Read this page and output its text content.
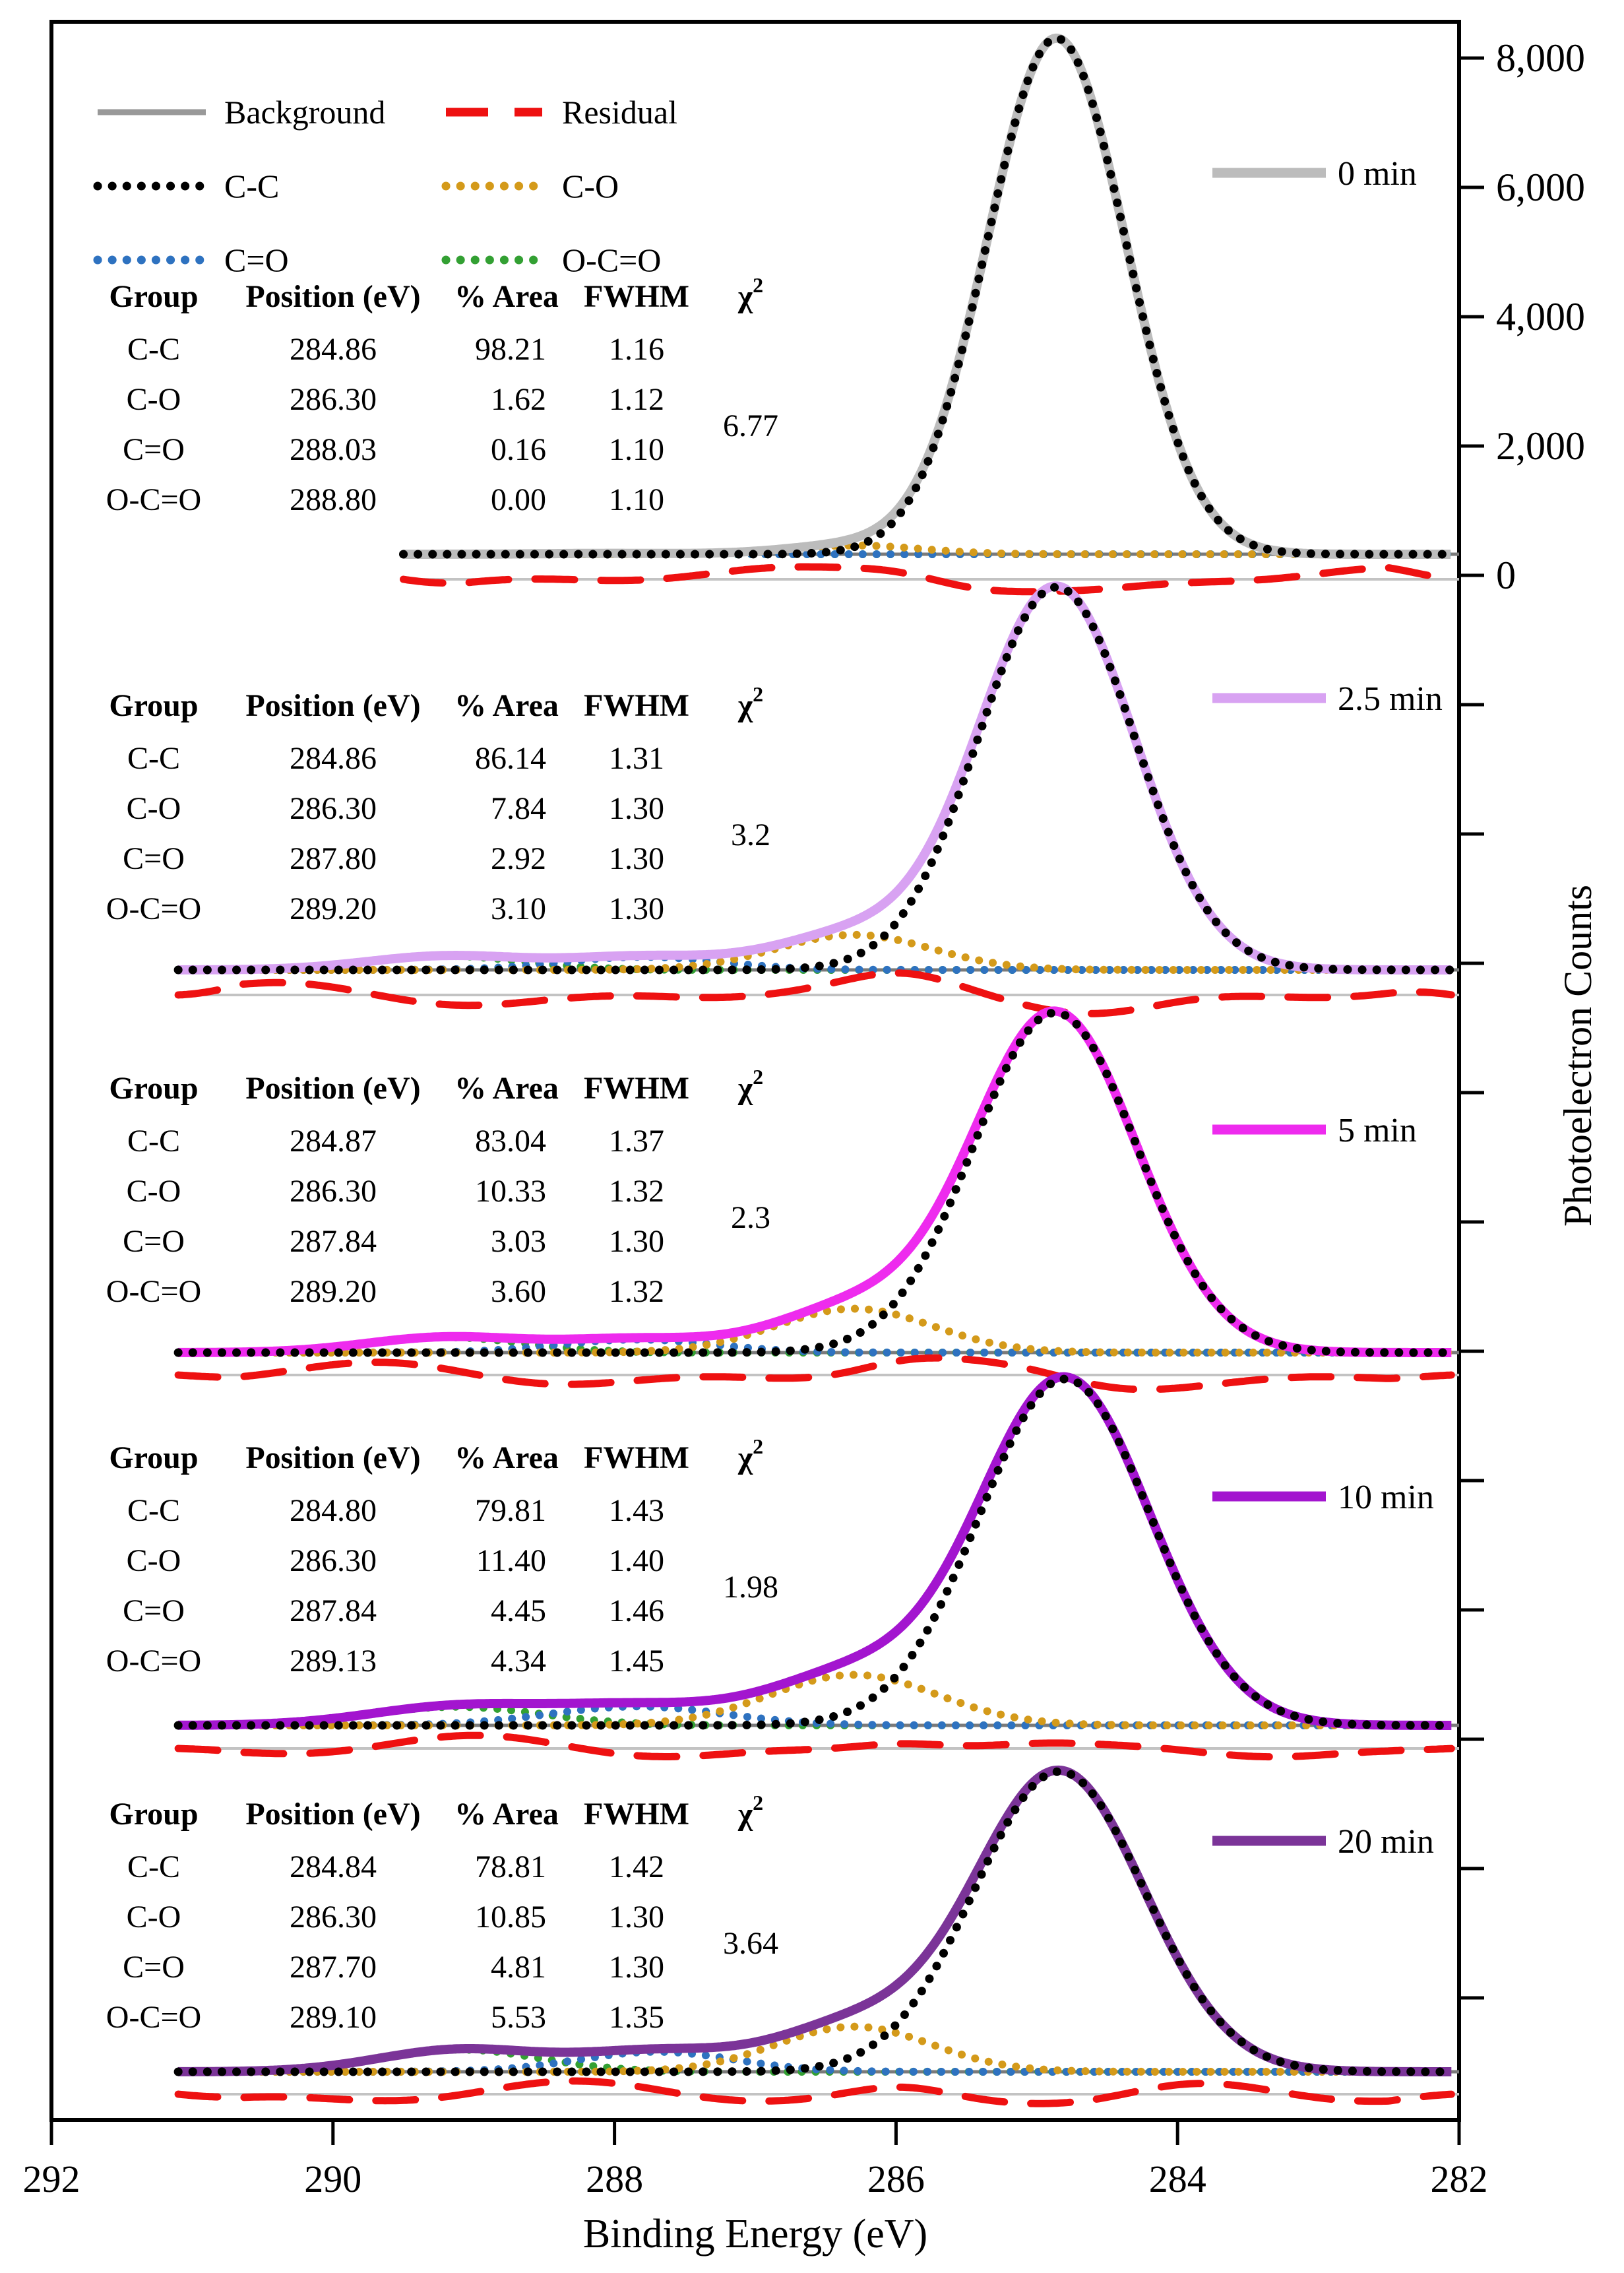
8,000
6,000
4,000
2,000
0
Photoelectron Counts
292	290	288	286	284	282
Binding Energy (eV)
Background	Residual
C-C	C-O
C=O	O-C=O
Group Position (eV) % Area FWHM $\chi^2$
C-C	284.86	98.21 1.16
C-O	286.30	1.62 1.12
C=O	288.03	0.16 1.10
O-C=O	288.80	0.00 1.10
6.77
0 min
Group Position (eV) % Area FWHM $\chi^2$
C-C	284.86	86.14 1.31
C-O	286.30	7.84 1.30
C=O	287.80	2.92 1.30
O-C=O	289.20	3.10 1.30
3.2
2.5 min
Group Position (eV) % Area FWHM $\chi^2$
C-C	284.87	83.04 1.37
C-O	286.30	10.33 1.32
C=O	287.84	3.03 1.30
O-C=O	289.20	3.60 1.32
2.3
5 min
Group Position (eV) % Area FWHM $\chi^2$
C-C	284.80	79.81 1.43
C-O	286.30	11.40 1.40
C=O	287.84	4.45 1.46
O-C=O	289.13	4.34 1.45
1.98
10 min
Group Position (eV) % Area FWHM $\chi^2$
C-C	284.84	78.81 1.42
C-O	286.30	10.85 1.30
C=O	287.70	4.81 1.30
O-C=O	289.10	5.53 1.35
3.64
20 min
